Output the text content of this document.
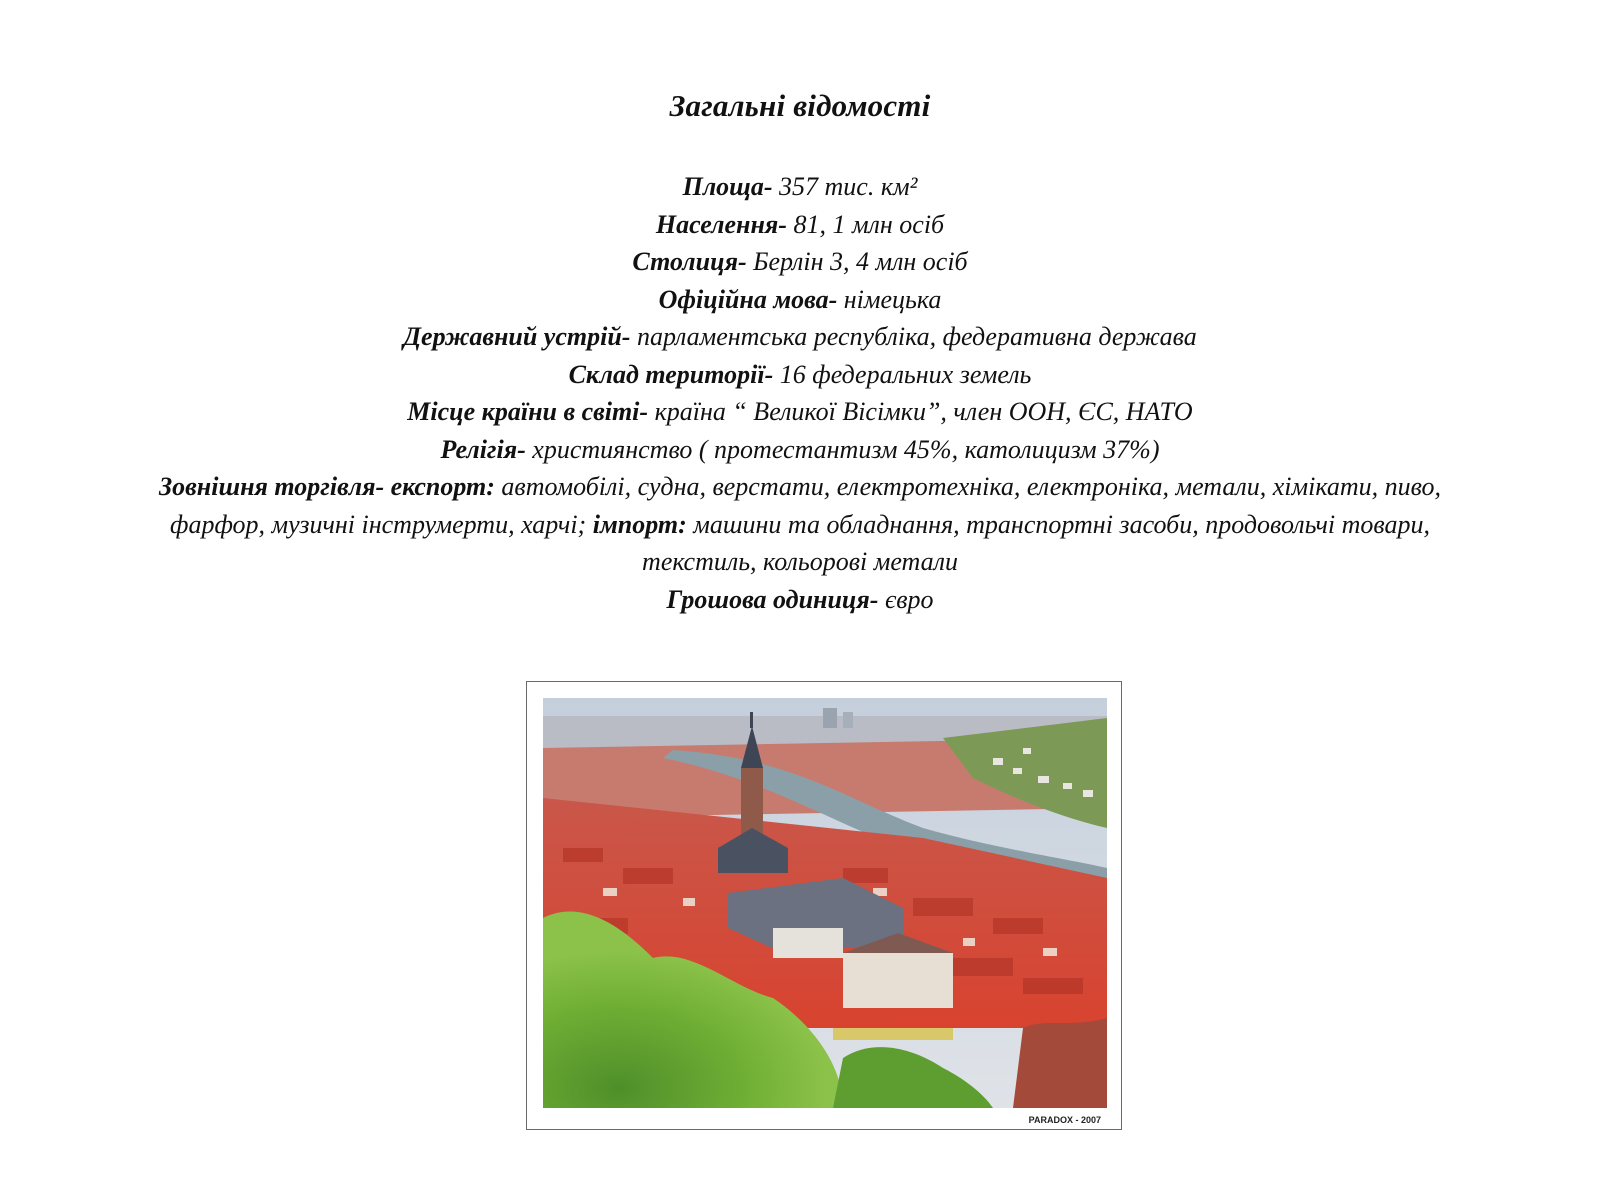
Загальні відомості
Площа- 357 тис. км²
Населення- 81, 1 млн осіб
Столиця- Берлін 3, 4 млн осіб
Офіційна мова- німецька
Державний устрій- парламентська республіка, федеративна держава
Склад території- 16 федеральних земель
Місце країни в світі- країна “ Великої Вісімки”, член ООН, ЄС, НАТО
Релігія- християнство ( протестантизм 45%, католицизм 37%)
Зовнішня торгівля- експорт: автомобілі, судна, верстати, електротехніка, електроніка, метали, хімікати, пиво,
фарфор, музичні інструмерти, харчі; імпорт: машини та обладнання, транспортні засоби, продовольчі товари,
текстиль, кольорові метали
Грошова одиниця- євро
PARADOX - 2007
